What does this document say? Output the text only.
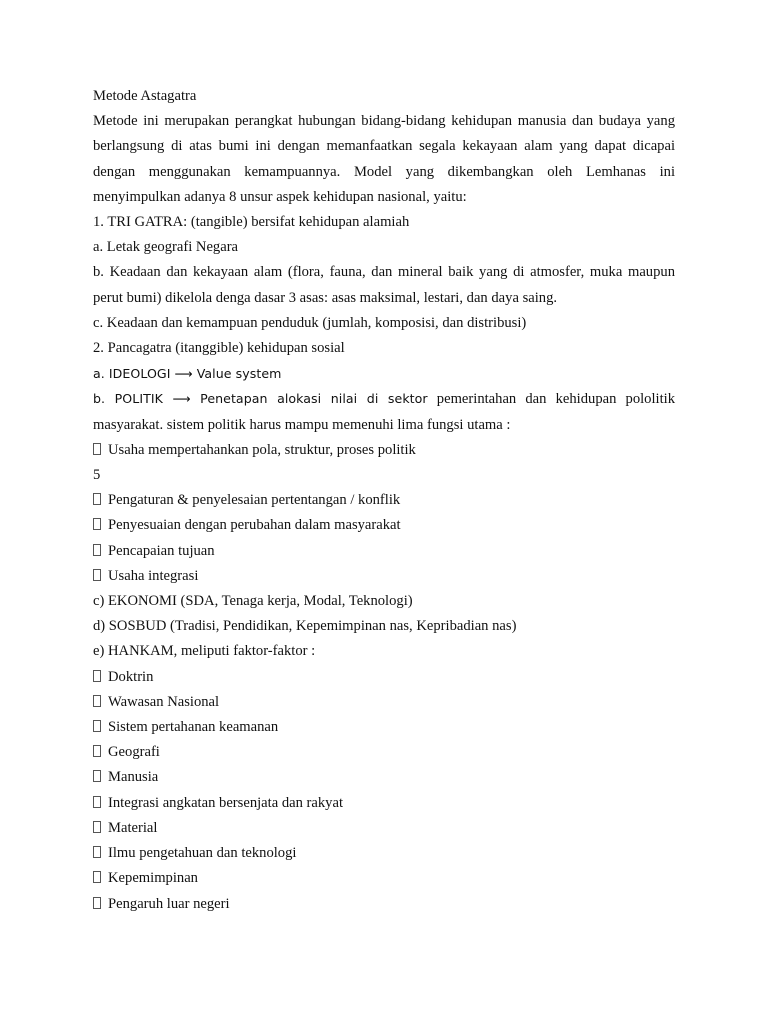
Metode Astagatra

Metode ini merupakan perangkat hubungan bidang-bidang kehidupan manusia dan budaya yang berlangsung di atas bumi ini dengan memanfaatkan segala kekayaan alam yang dapat dicapai dengan menggunakan kemampuannya. Model yang dikembangkan oleh Lemhanas ini menyimpulkan adanya 8 unsur aspek kehidupan nasional, yaitu:

1. TRI GATRA: (tangible) bersifat kehidupan alamiah

a. Letak geografi Negara

b. Keadaan dan kekayaan alam (flora, fauna, dan mineral baik yang di atmosfer, muka maupun perut bumi) dikelola denga dasar 3 asas: asas maksimal, lestari, dan daya saing.

c. Keadaan dan kemampuan penduduk (jumlah, komposisi, dan distribusi)

2. Pancagatra (itanggible) kehidupan sosial

a. IDEOLOGI ⟶ Value system

b. POLITIK ⟶ Penetapan alokasi nilai di sektor pemerintahan dan kehidupan pololitik masyarakat. sistem politik harus mampu memenuhi lima fungsi utama :

Usaha mempertahankan pola, struktur, proses politik

5

Pengaturan & penyelesaian pertentangan / konflik
Penyesuaian dengan perubahan dalam masyarakat
Pencapaian tujuan
Usaha integrasi

c) EKONOMI (SDA, Tenaga kerja, Modal, Teknologi)

d) SOSBUD (Tradisi, Pendidikan, Kepemimpinan nas, Kepribadian nas)

e) HANKAM, meliputi faktor-faktor :

Doktrin
Wawasan Nasional
Sistem pertahanan keamanan
Geografi
Manusia
Integrasi angkatan bersenjata dan rakyat
Material
Ilmu pengetahuan dan teknologi
Kepemimpinan
Pengaruh luar negeri
